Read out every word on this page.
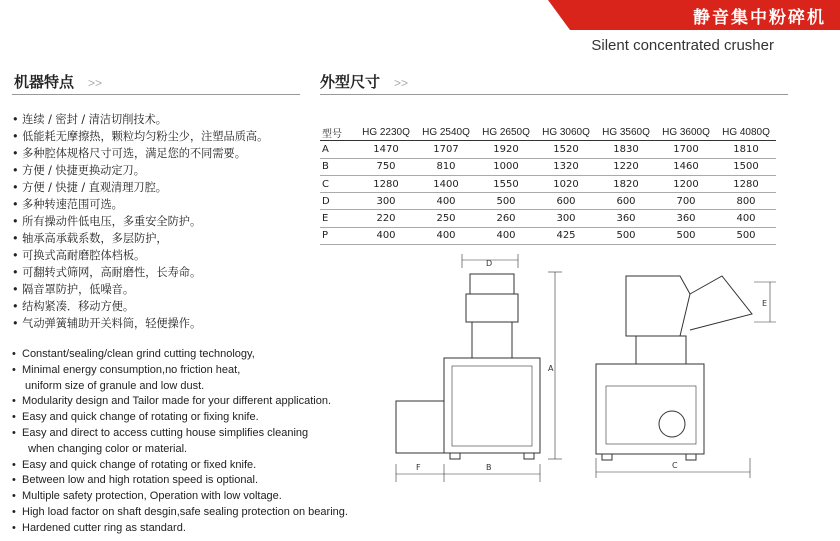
静音集中粉碎机
Silent concentrated crusher
机器特点 >>	外型尺寸 >>
• 连续 / 密封 / 清洁切削技术。
• 低能耗无摩擦热，颗粒均匀粉尘少，注塑品质高。
• 多种腔体规格尺寸可选，满足您的不同需要。
• 方便 / 快捷更换动定刀。
• 方便 / 快捷 / 直观清理刀腔。
• 多种转速范围可选。
• 所有操动件低电压，多重安全防护。
• 轴承高承载系数，多层防护，
• 可换式高耐磨腔体档板。
• 可翻转式筛网，高耐磨性，长寿命。
• 隔音罩防护，低噪音。
• 结构紧凑．移动方便。
• 气动弹簧辅助开关料筒，轻便操作。
• Constant/sealing/clean grind cutting technology,
• Minimal energy consumption,no friction heat,
uniform size of granule and low dust.
• Modularity design and Tailor made for your different application.
• Easy and quick change of rotating or fixing knife.
• Easy and direct to access cutting house simplifies cleaning
when changing color or material.
• Easy and quick change of rotating or fixed knife.
• Between low and high rotation speed is optional.
• Multiple safety protection, Operation with low voltage.
• High load factor on shaft desgin,safe sealing protection on bearing.
• Hardened cutter ring as standard.
型号	HG 2230Q	HG 2540Q	HG 2650Q	HG 3060Q	HG 3560Q	HG 3600Q	HG 4080Q
A	1470	1707	1920	1520	1830	1700	1810
B	750	810	1000	1320	1220	1460	1500
C	1280	1400	1550	1020	1820	1200	1280
D	300	400	500	600	600	700	800
E	220	250	260	300	360	360	400
P	400	400	400	425	500	500	500
D
A
F	B
E
C
